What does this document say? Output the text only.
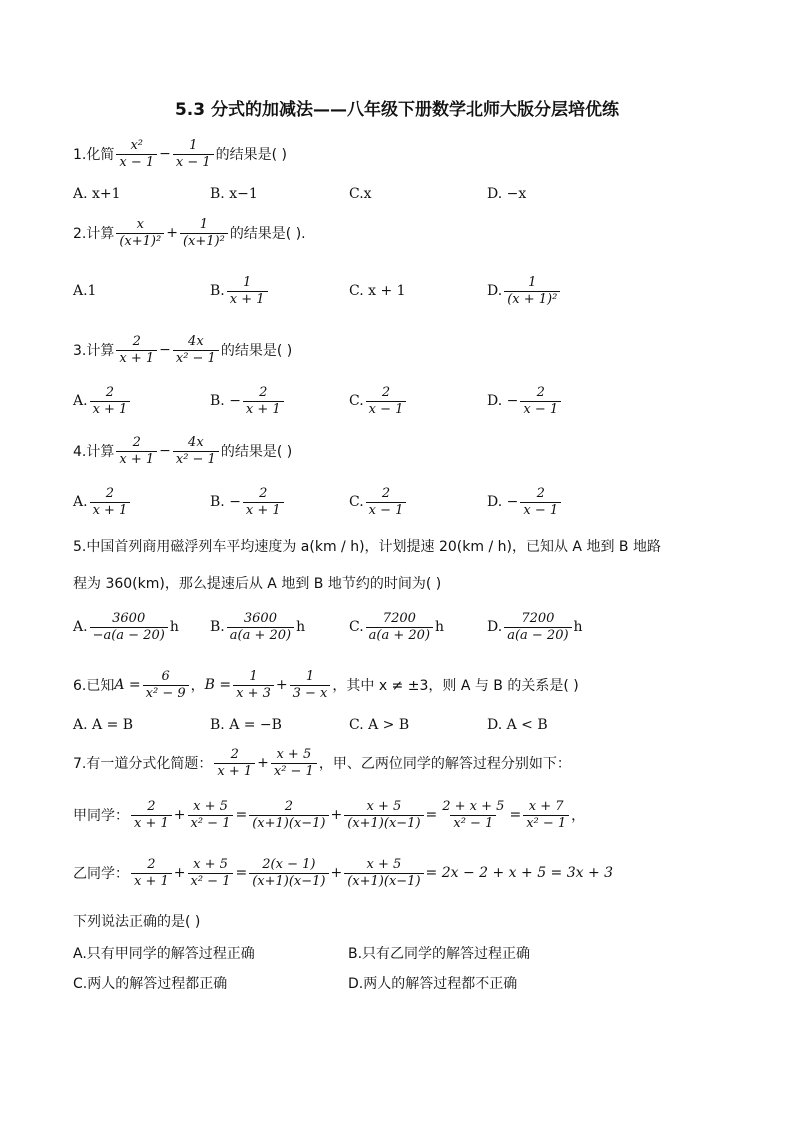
5.3 分式的加减法——八年级下册数学北师大版分层培优练
1.化简 $\frac{\text{x²}}{x - 1} - \frac{1}{x - 1}$ 的结果是( )
A. x+1	B. x−1	C.x	D. −x
2.计算 $\frac{x}{\text{(x+1)²}} + \frac{1}{\text{(x+1)²}}$ 的结果是( ).
A.1	B. $\frac{1}{x + 1}$	C. x + 1	D. $\frac{1}{\text{(x + 1)²}}$
3.计算 $\frac{2}{x + 1} - \frac{4x}{\text{x² − 1}}$ 的结果是( )
A. $\frac{2}{x + 1}$	B. − $\frac{2}{x + 1}$	C. $\frac{2}{x - 1}$	D. − $\frac{2}{x - 1}$
4.计算 $\frac{2}{x + 1} - \frac{4x}{\text{x² − 1}}$ 的结果是( )
A. $\frac{2}{x + 1}$	B. − $\frac{2}{x + 1}$	C. $\frac{2}{x - 1}$	D. − $\frac{2}{x - 1}$
5.中国首列商用磁浮列车平均速度为 a(km / h)，计划提速 20(km / h)，已知从 A 地到 B 地路
程为 360(km)，那么提速后从 A 地到 B 地节约的时间为( )
A. $\frac{3600}{-a(a - 20)}$ h B. $\frac{3600}{a(a + 20)}$ h	C. $\frac{7200}{a(a + 20)}$ h	D. $\frac{7200}{a(a - 20)}$ h
6.已知 $A = \frac{6}{\text{x² − 9}}$ ， $B = \frac{1}{x + 3} + \frac{1}{3 - x}$ ，其中 x ≠ ±3，则 A 与 B 的关系是( )
A. A = B	B. A = −B	C. A > B	D. A < B
7.有一道分式化简题： $\frac{2}{x + 1} + \frac{x + 5}{\text{x² − 1}}$ ，甲、乙两位同学的解答过程分别如下：
甲同学： $\frac{2}{x + 1} + \frac{x + 5}{\text{x² − 1}} = \frac{2}{(x+1)(x-1)} + \frac{x + 5}{(x+1)(x-1)} = \frac{2 + x + 5}{\text{x² − 1}} = \frac{x + 7}{\text{x² − 1}}$ ，
乙同学： $\frac{2}{x + 1} + \frac{x + 5}{\text{x² − 1}} = \frac{2(x - 1)}{(x+1)(x-1)} + \frac{x + 5}{(x+1)(x-1)} = 2x - 2 + x + 5 = 3x + 3$
下列说法正确的是( )
A.只有甲同学的解答过程正确	B.只有乙同学的解答过程正确
C.两人的解答过程都正确	D.两人的解答过程都不正确
